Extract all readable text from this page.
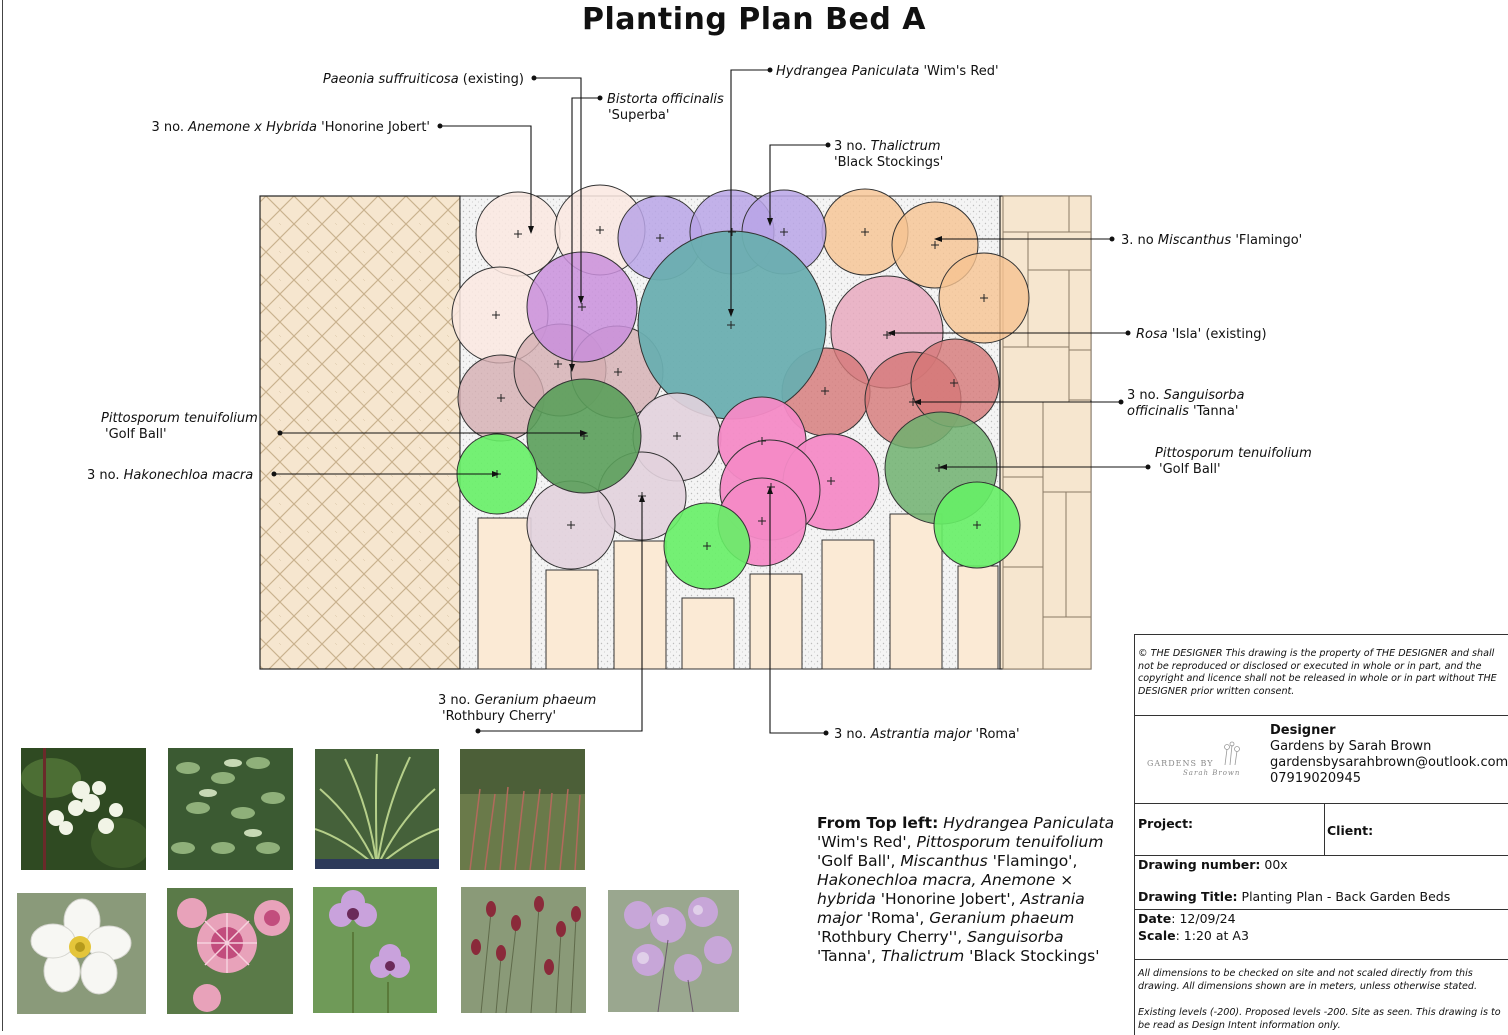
Planting Plan Bed A
Paeonia suffruiticosa (existing)
Bistorta officinalis
'Superba'
Hydrangea Paniculata 'Wim's Red'
3 no. Anemone x Hybrida 'Honorine Jobert'
3 no. Thalictrum
'Black Stockings'
3. no Miscanthus 'Flamingo'
Rosa 'Isla' (existing)
3 no. Sanguisorba
officinalis 'Tanna'
Pittosporum tenuifolium
'Golf Ball'
3 no. Hakonechloa macra
Pittosporum tenuifolium
'Golf Ball'
3 no. Geranium phaeum
'Rothbury Cherry'
3 no. Astrantia major 'Roma'
From Top left: Hydrangea Paniculata 'Wim's Red', Pittosporum tenuifolium 'Golf Ball', Miscanthus 'Flamingo', Hakonechloa macra, Anemone × hybrida 'Honorine Jobert', Astrania major 'Roma', Geranium phaeum 'Rothbury Cherry'', Sanguisorba 'Tanna', Thalictrum 'Black Stockings'
© THE DESIGNER This drawing is the property of THE DESIGNER and shall not be reproduced or disclosed or executed in whole or in part, and the copyright and licence shall not be released in whole or in part without THE DESIGNER prior written consent.
GARDENS BY
Sarah Brown
Designer
Gardens by Sarah Brown
gardensbysarahbrown@outlook.com
07919020945
Project:	Client:
Drawing number: 00x
Drawing Title: Planting Plan - Back Garden Beds
Date: 12/09/24
Scale: 1:20 at A3
All dimensions to be checked on site and not scaled directly from this drawing. All dimensions shown are in meters, unless otherwise stated.
Existing levels (-200). Proposed levels -200. Site as seen. This drawing is to be read as Design Intent information only.
